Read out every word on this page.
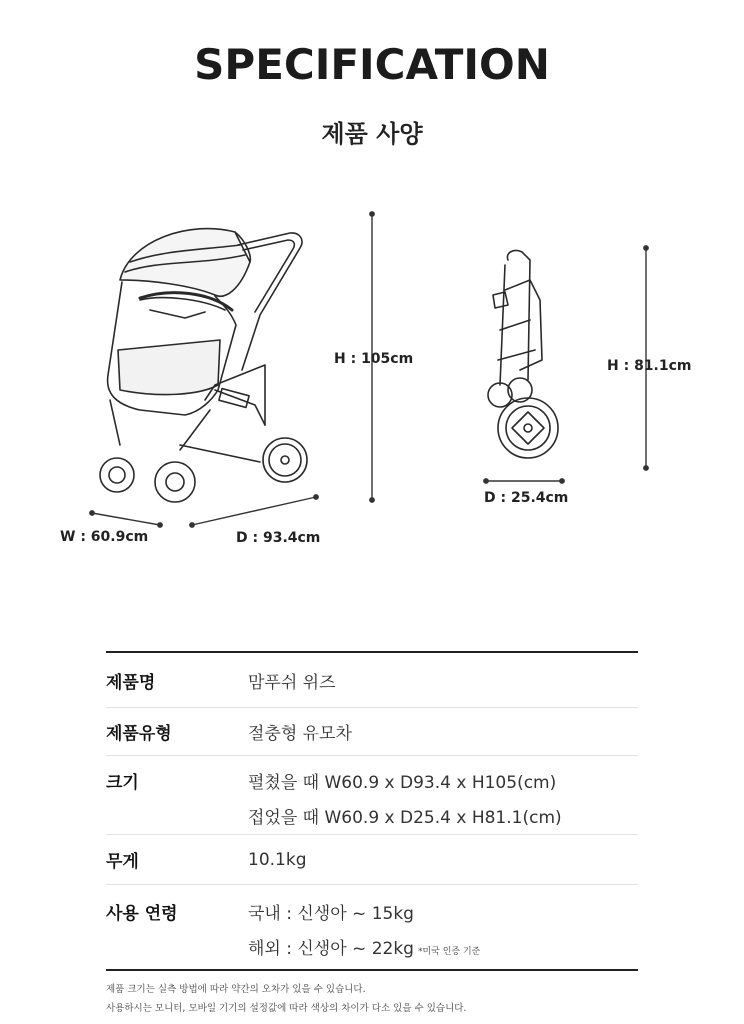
SPECIFICATION
제품 사양
H : 105cm
W : 60.9cm	D : 93.4cm
H : 81.1cm
D : 25.4cm
제품명	맘푸쉬 위즈
제품유형	절충형 유모차
크기	펼쳤을 때 W60.9 x D93.4 x H105(cm)
접었을 때 W60.9 x D25.4 x H81.1(cm)
무게	10.1kg
사용 연령	국내 : 신생아 ~ 15kg
해외 : 신생아 ~ 22kg *미국 인증 기준
제품 크기는 실측 방법에 따라 약간의 오차가 있을 수 있습니다.
사용하시는 모니터, 모바일 기기의 설정값에 따라 색상의 차이가 다소 있을 수 있습니다.
